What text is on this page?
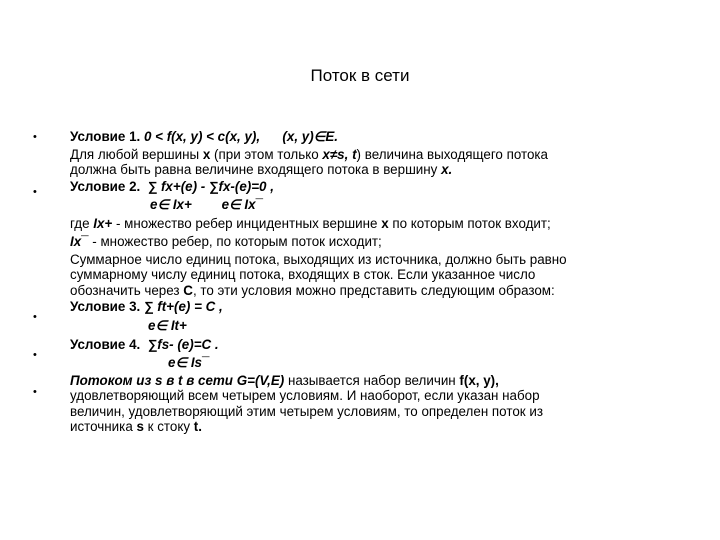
Поток в сети
•
•
•
•
•
Условие 1. 0 < f(x, y) < c(x, y), (x, y)∈E.
Для любой вершины x (при этом только x≠s, t) величина выходящего потока
должна быть равна величине входящего потока в вершину x.
Условие 2. ∑ fx+(e) - ∑fx-(e)=0 ,
e∈ Ix+ e∈ Ix¯
где Ix+ - множество ребер инцидентных вершине x по которым поток входит;
Ix¯ - множество ребер, по которым поток исходит;
Суммарное число единиц потока, выходящих из источника, должно быть равно
суммарному числу единиц потока, входящих в сток. Если указанное число
обозначить через C, то эти условия можно представить следующим образом:
Условие 3. ∑ ft+(e) = C ,
e∈ It+
Условие 4. ∑fs- (e)=C .
e∈ Is¯
Потоком из s в t в сети G=(V,E) называется набор величин f(x, y),
удовлетворяющий всем четырем условиям. И наоборот, если указан набор
величин, удовлетворяющий этим четырем условиям, то определен поток из
источника s к стоку t.
